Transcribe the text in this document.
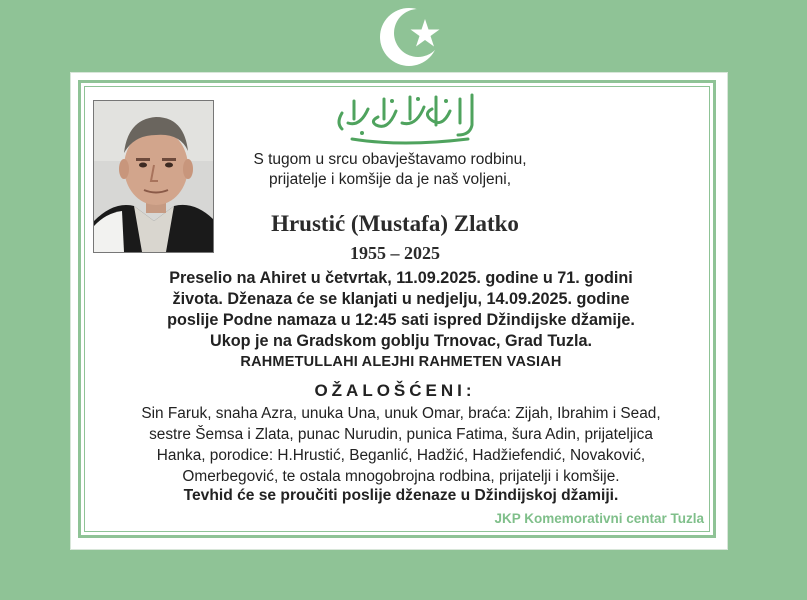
S tugom u srcu obavještavamo rodbinu,
prijatelje i komšije da je naš voljeni,
Hrustić (Mustafa) Zlatko
1955 – 2025
Preselio na Ahiret u četvrtak, 11.09.2025. godine u 71. godini
života. Dženaza će se klanjati u nedjelju, 14.09.2025. godine
poslije Podne namaza u 12:45 sati ispred Džindijske džamije.
Ukop je na Gradskom goblju Trnovac, Grad Tuzla.
RAHMETULLAHI ALEJHI RAHMETEN VASIAH
OŽALOŠĆENI:
Sin Faruk, snaha Azra, unuka Una, unuk Omar, braća: Zijah, Ibrahim i Sead,
sestre Šemsa i Zlata, punac Nurudin, punica Fatima, šura Adin, prijateljica
Hanka, porodice: H.Hrustić, Beganlić, Hadžić, Hadžiefendić, Novaković,
Omerbegović, te ostala mnogobrojna rodbina, prijatelji i komšije.
Tevhid će se proučiti poslije dženaze u Džindijskoj džamiji.
JKP Komemorativni centar Tuzla
